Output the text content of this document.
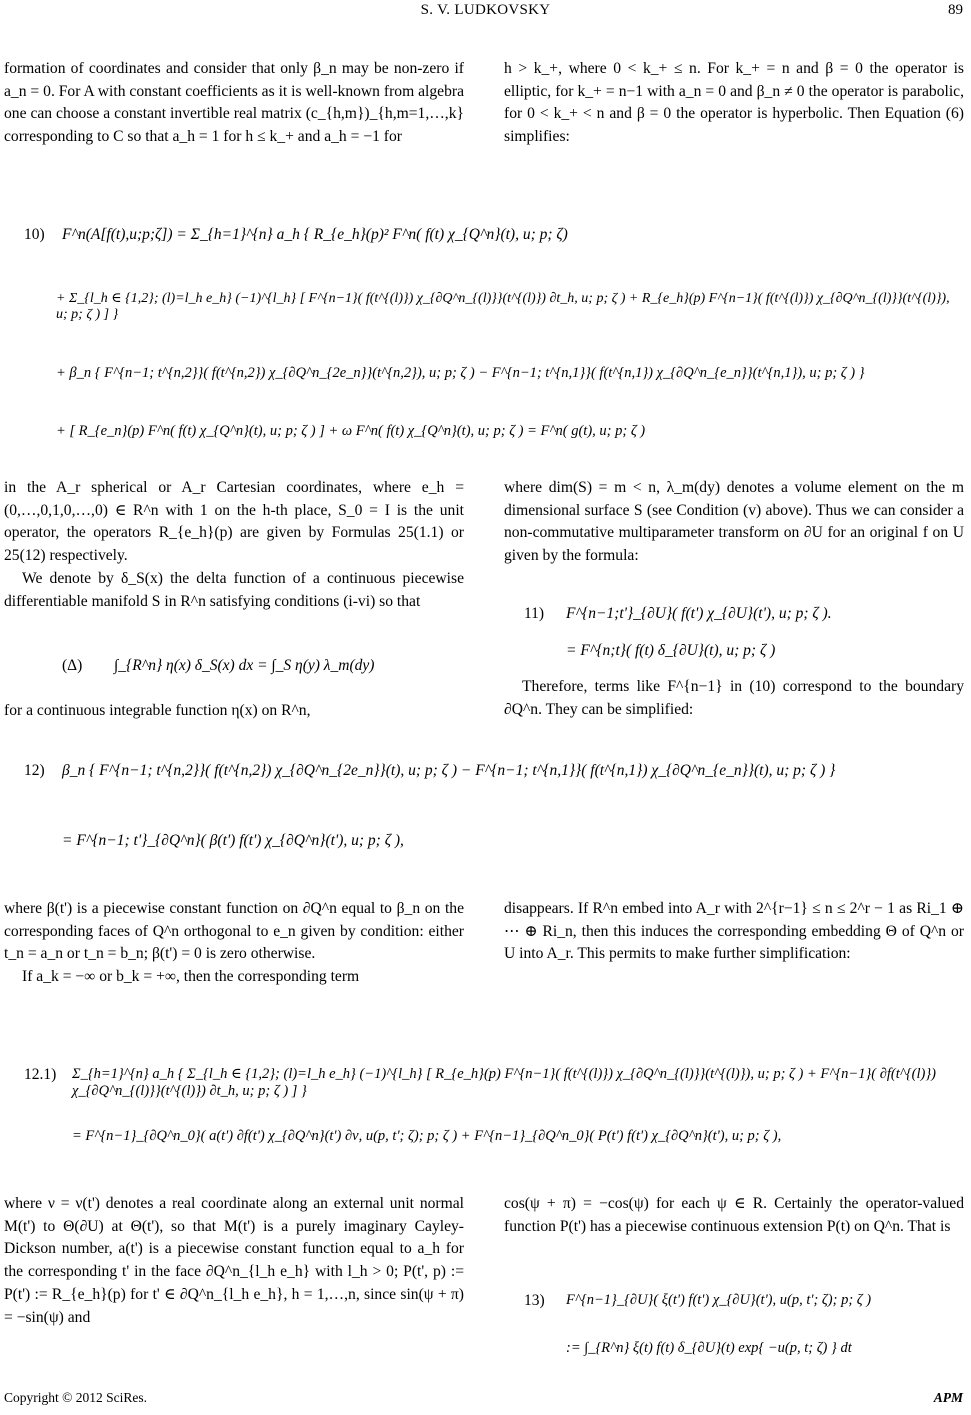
S. V. LUDKOVSKY	89

formation of coordinates and consider that only β_n may be non-zero if a_n = 0. For A with constant coefficients as it is well-known from algebra one can choose a constant invertible real matrix (c_{h,m})_{h,m=1,…,k} corresponding to C so that a_h = 1 for h ≤ k_+ and a_h = −1 for

h > k_+, where 0 < k_+ ≤ n. For k_+ = n and β = 0 the operator is elliptic, for k_+ = n−1 with a_n = 0 and β_n ≠ 0 the operator is parabolic, for 0 < k_+ < n and β = 0 the operator is hyperbolic. Then Equation (6) simplifies:

10) F^n(A[f(t),u;p;ζ]) = Σ_{h=1}^{n} a_h { R_{e_h}(p)² F^n( f(t) χ_{Q^n}(t), u; p; ζ)
+ Σ_{l_h ∈ {1,2}; (l)=l_h e_h} (−1)^{l_h} [ F^{n−1}( f(t^{(l)}) χ_{∂Q^n_{(l)}}(t^{(l)}) ∂t_h, u; p; ζ ) + R_{e_h}(p) F^{n−1}( f(t^{(l)}) χ_{∂Q^n_{(l)}}(t^{(l)}), u; p; ζ ) ] }
+ β_n { F^{n−1; t^{n,2}}( f(t^{n,2}) χ_{∂Q^n_{2e_n}}(t^{n,2}), u; p; ζ ) − F^{n−1; t^{n,1}}( f(t^{n,1}) χ_{∂Q^n_{e_n}}(t^{n,1}), u; p; ζ ) }
+ [ R_{e_n}(p) F^n( f(t) χ_{Q^n}(t), u; p; ζ ) ] + ω F^n( f(t) χ_{Q^n}(t), u; p; ζ ) = F^n( g(t), u; p; ζ )

in the A_r spherical or A_r Cartesian coordinates, where e_h = (0,…,0,1,0,…,0) ∈ R^n with 1 on the h-th place, S_0 = I is the unit operator, the operators R_{e_h}(p) are given by Formulas 25(1.1) or 25(12) respectively.

We denote by δ_S(x) the delta function of a continuous piecewise differentiable manifold S in R^n satisfying conditions (i-vi) so that

(Δ) ∫_{R^n} η(x) δ_S(x) dx = ∫_S η(y) λ_m(dy)

for a continuous integrable function η(x) on R^n,

where dim(S) = m < n, λ_m(dy) denotes a volume element on the m dimensional surface S (see Condition (v) above). Thus we can consider a non-commutative multiparameter transform on ∂U for an original f on U given by the formula:

11) F^{n−1;t'}_{∂U}( f(t') χ_{∂U}(t'), u; p; ζ ).
= F^{n;t}( f(t) δ_{∂U}(t), u; p; ζ )

Therefore, terms like F^{n−1} in (10) correspond to the boundary ∂Q^n. They can be simplified:

12) β_n { F^{n−1; t^{n,2}}( f(t^{n,2}) χ_{∂Q^n_{2e_n}}(t), u; p; ζ ) − F^{n−1; t^{n,1}}( f(t^{n,1}) χ_{∂Q^n_{e_n}}(t), u; p; ζ ) }
= F^{n−1; t'}_{∂Q^n}( β(t') f(t') χ_{∂Q^n}(t'), u; p; ζ ),

where β(t') is a piecewise constant function on ∂Q^n equal to β_n on the corresponding faces of Q^n orthogonal to e_n given by condition: either t_n = a_n or t_n = b_n; β(t') = 0 is zero otherwise.

If a_k = −∞ or b_k = +∞, then the corresponding term

disappears. If R^n embed into A_r with 2^{r−1} ≤ n ≤ 2^r − 1 as Ri_1 ⊕ ⋯ ⊕ Ri_n, then this induces the corresponding embedding Θ of Q^n or U into A_r. This permits to make further simplification:

12.1) Σ_{h=1}^{n} a_h { Σ_{l_h ∈ {1,2}; (l)=l_h e_h} (−1)^{l_h} [ R_{e_h}(p) F^{n−1}( f(t^{(l)}) χ_{∂Q^n_{(l)}}(t^{(l)}), u; p; ζ ) + F^{n−1}( ∂f(t^{(l)}) χ_{∂Q^n_{(l)}}(t^{(l)}) ∂t_h, u; p; ζ ) ] }
= F^{n−1}_{∂Q^n_0}( a(t') ∂f(t') χ_{∂Q^n}(t') ∂ν, u(p, t'; ζ); p; ζ ) + F^{n−1}_{∂Q^n_0}( P(t') f(t') χ_{∂Q^n}(t'), u; p; ζ ),

where ν = ν(t') denotes a real coordinate along an external unit normal M(t') to Θ(∂U) at Θ(t'), so that M(t') is a purely imaginary Cayley-Dickson number, a(t') is a piecewise constant function equal to a_h for the corresponding t' in the face ∂Q^n_{l_h e_h} with l_h > 0; P(t', p) := P(t') := R_{e_h}(p) for t' ∈ ∂Q^n_{l_h e_h}, h = 1,…,n, since sin(ψ + π) = −sin(ψ) and

cos(ψ + π) = −cos(ψ) for each ψ ∈ R. Certainly the operator-valued function P(t') has a piecewise continuous extension P(t) on Q^n. That is

13) F^{n−1}_{∂U}( ξ(t') f(t') χ_{∂U}(t'), u(p, t'; ζ); p; ζ )
:= ∫_{R^n} ξ(t) f(t) δ_{∂U}(t) exp{ −u(p, t; ζ) } dt
Copyright © 2012 SciRes.	APM
